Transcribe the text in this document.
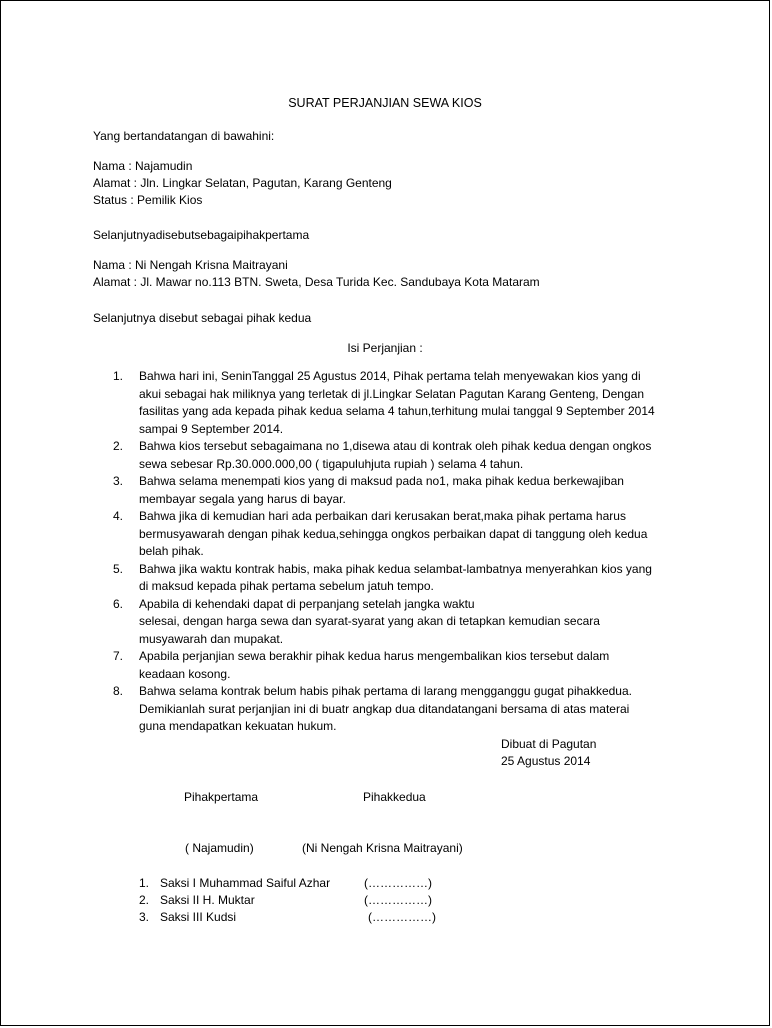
SURAT PERJANJIAN SEWA KIOS
Yang bertandatangan di bawahini:
Nama : Najamudin
Alamat : Jln. Lingkar Selatan, Pagutan, Karang Genteng
Status : Pemilik Kios
Selanjutnyadisebutsebagaipihakpertama
Nama : Ni Nengah Krisna Maitrayani
Alamat : Jl. Mawar no.113 BTN. Sweta, Desa Turida Kec. Sandubaya Kota Mataram
Selanjutnya disebut sebagai pihak kedua
Isi Perjanjian :
1. Bahwa hari ini, SeninTanggal 25 Agustus 2014, Pihak pertama telah menyewakan kios yang di
akui sebagai hak miliknya yang terletak di jl.Lingkar Selatan Pagutan Karang Genteng, Dengan
fasilitas yang ada kepada pihak kedua selama 4 tahun,terhitung mulai tanggal 9 September 2014
sampai 9 September 2014.
2. Bahwa kios tersebut sebagaimana no 1,disewa atau di kontrak oleh pihak kedua dengan ongkos
sewa sebesar Rp.30.000.000,00 ( tigapuluhjuta rupiah ) selama 4 tahun.
3. Bahwa selama menempati kios yang di maksud pada no1, maka pihak kedua berkewajiban
membayar segala yang harus di bayar.
4. Bahwa jika di kemudian hari ada perbaikan dari kerusakan berat,maka pihak pertama harus
bermusyawarah dengan pihak kedua,sehingga ongkos perbaikan dapat di tanggung oleh kedua
belah pihak.
5. Bahwa jika waktu kontrak habis, maka pihak kedua selambat-lambatnya menyerahkan kios yang
di maksud kepada pihak pertama sebelum jatuh tempo.
6. Apabila di kehendaki dapat di perpanjang setelah jangka waktu
selesai, dengan harga sewa dan syarat-syarat yang akan di tetapkan kemudian secara
musyawarah dan mupakat.
7. Apabila perjanjian sewa berakhir pihak kedua harus mengembalikan kios tersebut dalam
keadaan kosong.
8. Bahwa selama kontrak belum habis pihak pertama di larang mengganggu gugat pihakkedua.
Demikianlah surat perjanjian ini di buatr angkap dua ditandatangani bersama di atas materai
guna mendapatkan kekuatan hukum.
Dibuat di Pagutan
25 Agustus 2014
Pihakpertama	Pihakkedua
( Najamudin)	(Ni Nengah Krisna Maitrayani)
1. Saksi I Muhammad Saiful Azhar	(……………)
2. Saksi II H. Muktar	(……………)
3. Saksi III Kudsi	(……………)
